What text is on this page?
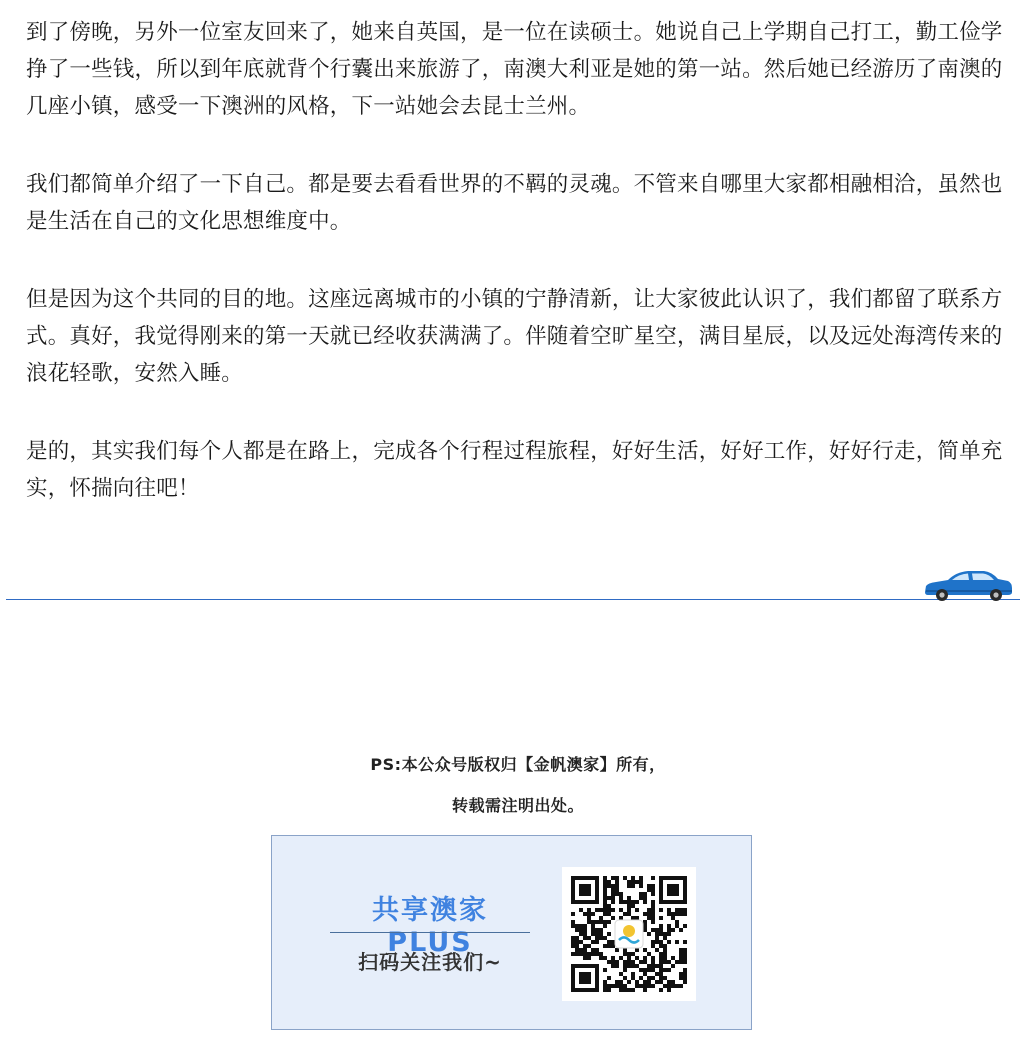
到了傍晚，另外一位室友回来了，她来自英国，是一位在读硕士。她说自己上学期自己打工，勤工俭学挣了一些钱，所以到年底就背个行囊出来旅游了，南澳大利亚是她的第一站。然后她已经游历了南澳的几座小镇，感受一下澳洲的风格，下一站她会去昆士兰州。

我们都简单介绍了一下自己。都是要去看看世界的不羁的灵魂。不管来自哪里大家都相融相洽，虽然也是生活在自己的文化思想维度中。

但是因为这个共同的目的地。这座远离城市的小镇的宁静清新，让大家彼此认识了，我们都留了联系方式。真好，我觉得刚来的第一天就已经收获满满了。伴随着空旷星空，满目星辰，以及远处海湾传来的浪花轻歌，安然入睡。

是的，其实我们每个人都是在路上，完成各个行程过程旅程，好好生活，好好工作，好好行走，简单充实，怀揣向往吧！

PS:本公众号版权归【金帆澳家】所有，
转载需注明出处。
共享澳家PLUS
扫码关注我们~
